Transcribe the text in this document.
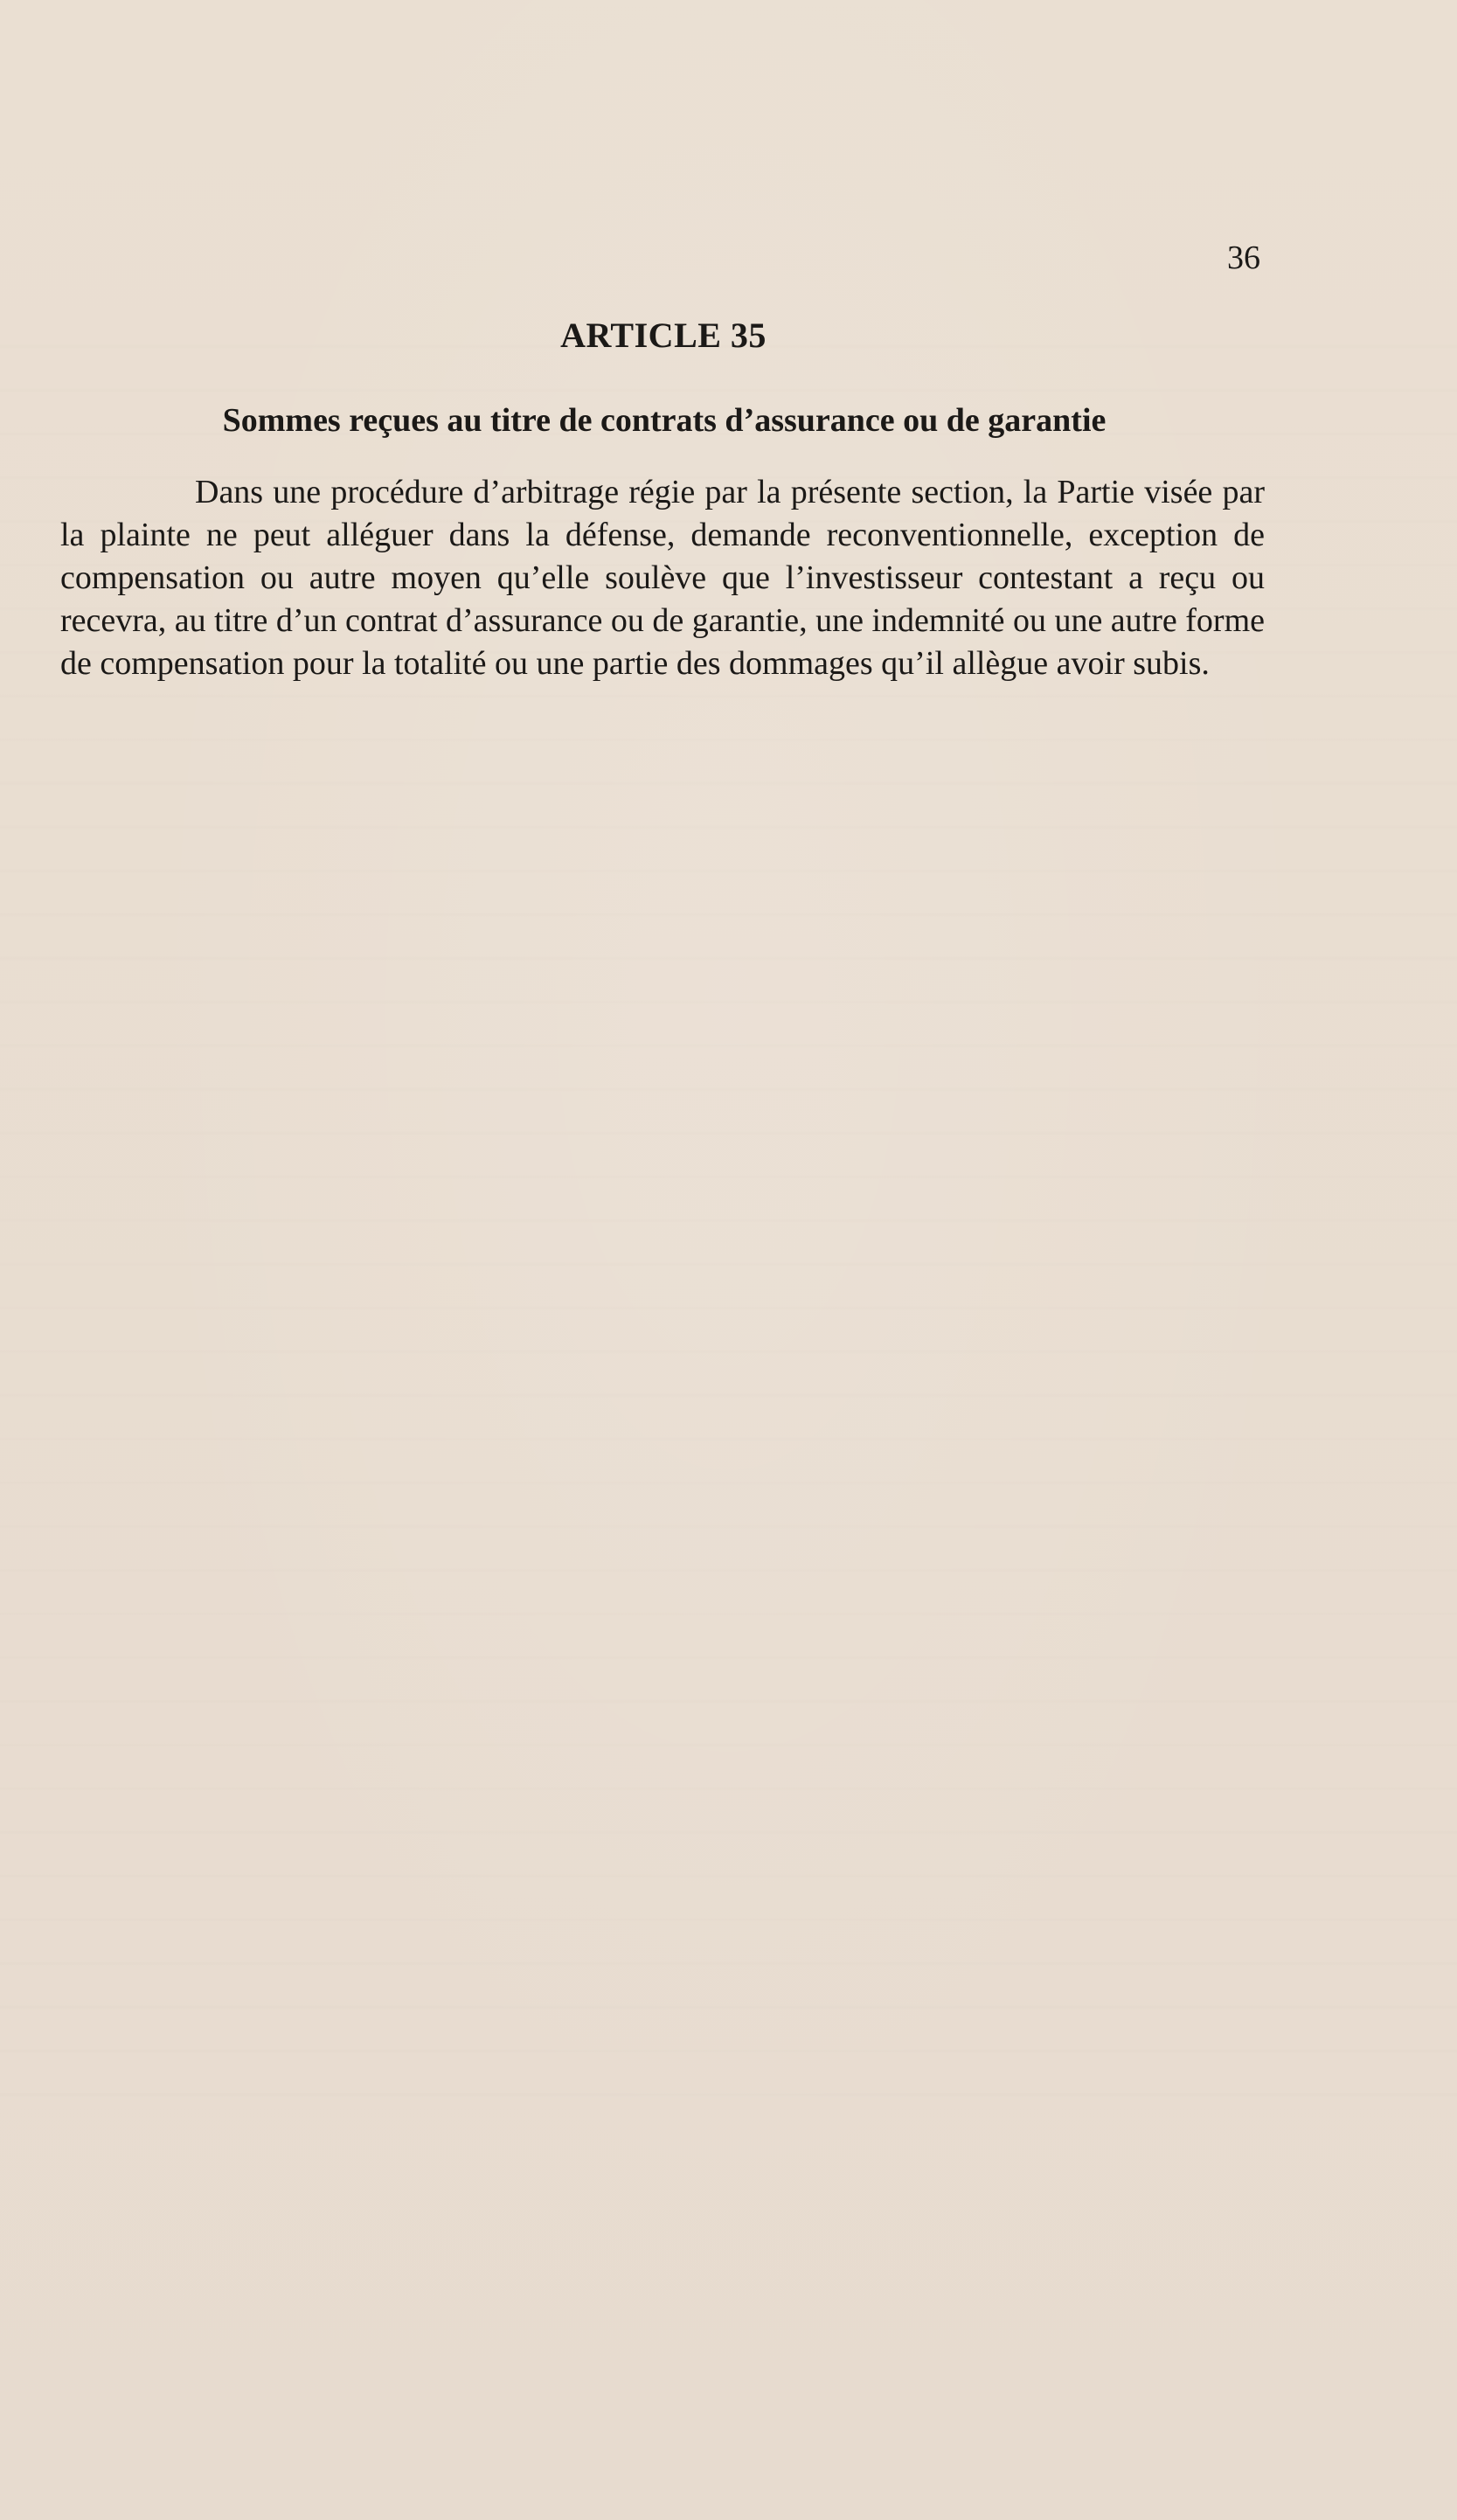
36
ARTICLE 35
Sommes reçues au titre de contrats d’assurance ou de garantie

Dans une procédure d’arbitrage régie par la présente section, la Partie visée par la plainte ne peut alléguer dans la défense, demande reconventionnelle, exception de compensation ou autre moyen qu’elle soulève que l’investisseur contestant a reçu ou recevra, au titre d’un contrat d’assurance ou de garantie, une indemnité ou une autre forme de compensation pour la totalité ou une partie des dommages qu’il allègue avoir subis.
